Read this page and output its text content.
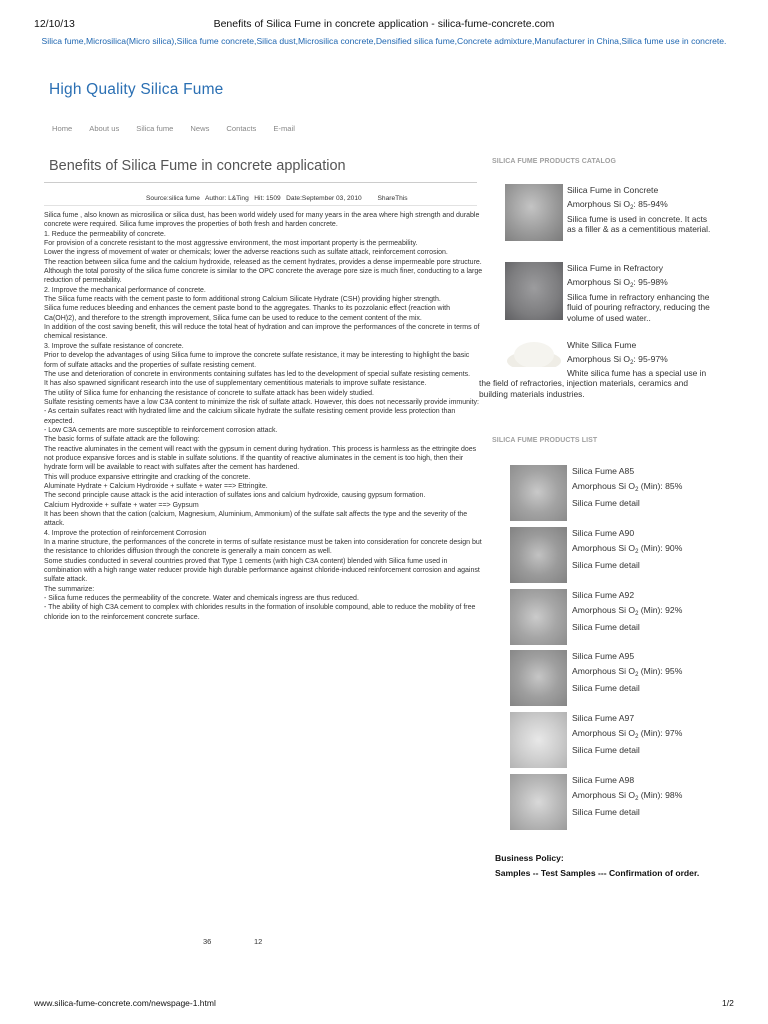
12/10/13	Benefits of Silica Fume in concrete application - silica-fume-concrete.com
Silica fume,Microsilica(Micro silica),Silica fume concrete,Silica dust,Microsilica concrete,Densified silica fume,Concrete admixture,Manufacturer in China,Silica fume use in concrete.
High Quality Silica Fume
Home About us Silica fume News Contacts E-mail
Benefits of Silica Fume in concrete application
Source:silica fume Author: L&Ting Hit: 1509 Date:September 03, 2010 ShareThis

Silica fume , also known as microsilica or silica dust, has been world widely used for many years in the area where high strength and durable concrete were required. Silica fume improves the properties of both fresh and harden concrete.

1. Reduce the permeability of concrete.

For provision of a concrete resistant to the most aggressive environment, the most important property is the permeability.

Lower the ingress of movement of water or chemicals; lower the adverse reactions such as sulfate attack, reinforcement corrosion.

The reaction between silica fume and the calcium hydroxide, released as the cement hydrates, provides a dense impermeable pore structure. Although the total porosity of the silica fume concrete is similar to the OPC concrete the average pore size is much finer, conducting to a large reduction of permeability.

2. Improve the mechanical performance of concrete.

The Silica fume reacts with the cement paste to form additional strong Calcium Silicate Hydrate (CSH) providing higher strength.

Silica fume reduces bleeding and enhances the cement paste bond to the aggregates. Thanks to its pozzolanic effect (reaction with Ca(OH)2), and therefore to the strength improvement, Silica fume can be used to reduce to the cement content of the mix.

In addition of the cost saving benefit, this will reduce the total heat of hydration and can improve the performances of the concrete in terms of chemical resistance.

3. Improve the sulfate resistance of concrete.

Prior to develop the advantages of using Silica fume to improve the concrete sulfate resistance, it may be interesting to highlight the basic form of sulfate attacks and the properties of sulfate resisting cement.

The use and deterioration of concrete in environments containing sulfates has led to the development of special sulfate resisting cements.

It has also spawned significant research into the use of supplementary cementitious materials to improve sulfate resistance.

The utility of Silica fume for enhancing the resistance of concrete to sulfate attack has been widely studied.

Sulfate resisting cements have a low C3A content to minimize the risk of sulfate attack. However, this does not necessarily provide immunity:

- As certain sulfates react with hydrated lime and the calcium silicate hydrate the sulfate resisting cement provide less protection than expected.

- Low C3A cements are more susceptible to reinforcement corrosion attack.

The basic forms of sulfate attack are the following:

The reactive aluminates in the cement will react with the gypsum in cement during hydration. This process is harmless as the ettringite does not produce expansive forces and is stable in sulfate solutions. If the quantity of reactive aluminates in the cement is too high, then their hydrate form will be available to react with sulfates after the cement has hardened.

This will produce expansive ettringite and cracking of the concrete.

Aluminate Hydrate + Calcium Hydroxide + sulfate + water ==> Ettringite.

The second principle cause attack is the acid interaction of sulfates ions and calcium hydroxide, causing gypsum formation.

Calcium Hydroxide + sulfate + water ==> Gypsum

It has been shown that the cation (calcium, Magnesium, Aluminium, Ammonium) of the sulfate salt affects the type and the severity of the attack.

4. Improve the protection of reinforcement Corrosion

In a marine structure, the performances of the concrete in terms of sulfate resistance must be taken into consideration for concrete design but the resistance to chlorides diffusion through the concrete is generally a main concern as well.

Some studies conducted in several countries proved that Type 1 cements (with high C3A content) blended with Silica fume used in combination with a high range water reducer provide high durable performance against chloride-induced reinforcement corrosion and against sulfate attack.

The summarize:

- Silica fume reduces the permeability of the concrete. Water and chemicals ingress are thus reduced.

- The ability of high C3A cement to complex with chlorides results in the formation of insoluble compound, able to reduce the mobility of free chloride ion to the reinforcement concrete surface.

36	12
SILICA FUME PRODUCTS CATALOG
Silica Fume in Concrete
Amorphous Si $O_2$: 85-94%
Silica fume is used in concrete. It acts as a filler & as a cementitious material.
Silica Fume in Refractory
Amorphous Si $O_2$: 95-98%
Silica fume in refractory enhancing the fluid of pouring refractory, reducing the volume of used water..
White Silica Fume
Amorphous Si $O_2$: 95-97%
White silica fume has a special use in the field of refractories, injection materials, ceramics and building materials industries.
SILICA FUME PRODUCTS LIST
Silica Fume A85
Amorphous Si $O_2$ (Min): 85%
Silica Fume detail
Silica Fume A90
Amorphous Si $O_2$ (Min): 90%
Silica Fume detail
Silica Fume A92
Amorphous Si $O_2$ (Min): 92%
Silica Fume detail
Silica Fume A95
Amorphous Si $O_2$ (Min): 95%
Silica Fume detail
Silica Fume A97
Amorphous Si $O_2$ (Min): 97%
Silica Fume detail
Silica Fume A98
Amorphous Si $O_2$ (Min): 98%
Silica Fume detail
Business Policy:
Samples -- Test Samples --- Confirmation of order.
www.silica-fume-concrete.com/newspage-1.html	1/2
